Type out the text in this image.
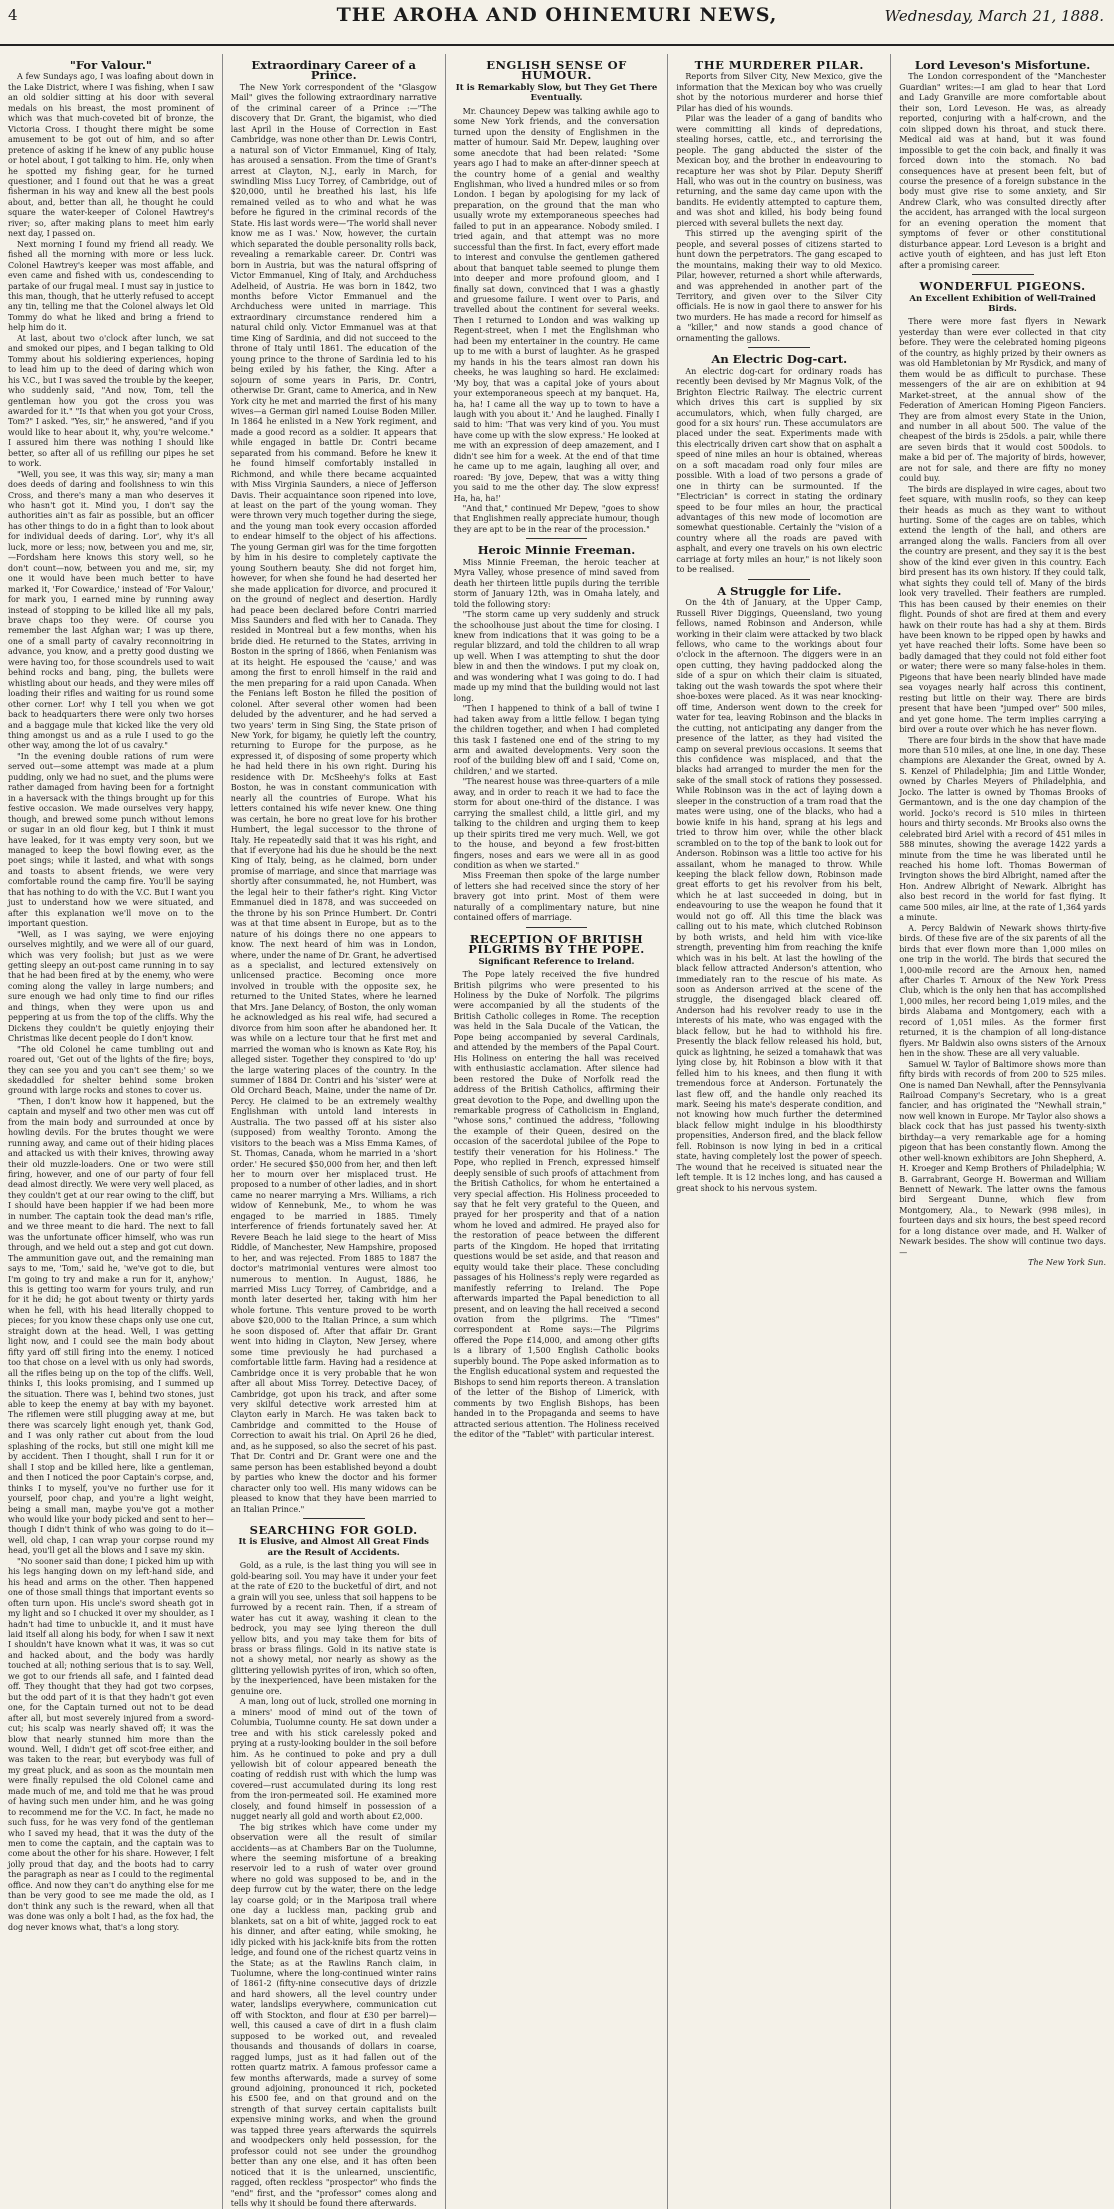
4	THE AROHA AND OHINEMURI NEWS,	Wednesday, March 21, 1888.
"For Valour."

A few Sundays ago, I was loafing about down in the Lake District, where I was fishing, when I saw an old soldier sitting at his door with several medals on his breast, the most prominent of which was that much-coveted bit of bronze, the Victoria Cross. I thought there might be some amusement to be got out of him, and so after pretence of asking if he knew of any public house or hotel about, I got talking to him. He, only when he spotted my fishing gear, for he turned questioner, and I found out that he was a great fisherman in his way and knew all the best pools about, and, better than all, he thought he could square the water-keeper of Colonel Hawtrey's river; so, after making plans to meet him early next day, I passed on.

Next morning I found my friend all ready. We fished all the morning with more or less luck. Colonel Hawtrey's keeper was most affable, and even came and fished with us, condescending to partake of our frugal meal. I must say in justice to this man, though, that he utterly refused to accept any tin, telling me that the Colonel always let Old Tommy do what he liked and bring a friend to help him do it.

At last, about two o'clock after lunch, we sat and smoked our pipes, and I began talking to Old Tommy about his soldiering experiences, hoping to lead him up to the deed of daring which won his V.C., but I was saved the trouble by the keeper, who suddenly said, "And now, Tom, tell the gentleman how you got the cross you was awarded for it." "Is that when you got your Cross, Tom?" I asked. "Yes, sir," he answered, "and if you would like to hear about it, why, you're welcome." I assured him there was nothing I should like better, so after all of us refilling our pipes he set to work.

"Well, you see, it was this way, sir; many a man does deeds of daring and foolishness to win this Cross, and there's many a man who deserves it who hasn't got it. Mind you, I don't say the authorities ain't as fair as possible, but an officer has other things to do in a fight than to look about for individual deeds of daring. Lor', why it's all luck, more or less; now, between you and me, sir,—Fordsham here knows this story well, so he don't count—now, between you and me, sir, my one it would have been much better to have marked it, 'For Cowardice,' instead of 'For Valour,' for mark you, I earned mine by running away instead of stopping to be killed like all my pals, brave chaps too they were. Of course you remember the last Afghan war; I was up there, one of a small party of cavalry reconnoitring in advance, you know, and a pretty good dusting we were having too, for those scoundrels used to wait behind rocks and bang, ping, the bullets were whistling about our heads, and they were miles off loading their rifles and waiting for us round some other corner. Lor! why I tell you when we got back to headquarters there were only two horses and a baggage mule that kicked like the very old thing amongst us and as a rule I used to go the other way, among the lot of us cavalry."

"In the evening double rations of rum were served out—some attempt was made at a plum pudding, only we had no suet, and the plums were rather damaged from having been for a fortnight in a haversack with the things brought up for this festive occasion. We made ourselves very happy, though, and brewed some punch without lemons or sugar in an old flour keg, but I think it must have leaked, for it was empty very soon, but we managed to keep the bowl flowing ever, as the poet sings; while it lasted, and what with songs and toasts to absent friends, we were very comfortable round the camp fire. You'll be saying that has nothing to do with the V.C. But I want you just to understand how we were situated, and after this explanation we'll move on to the important question.

"Well, as I was saying, we were enjoying ourselves mightily, and we were all of our guard, which was very foolish; but just as we were getting sleepy an out-post came running in to say that he had been fired at by the enemy, who were coming along the valley in large numbers; and sure enough we had only time to find our rifles and things, when they were upon us and peppering at us from the top of the cliffs. Why the Dickens they couldn't be quietly enjoying their Christmas like decent people do I don't know.

"The old Colonel he came tumbling out and roared out, 'Get out of the lights of the fire; boys, they can see you and you can't see them;' so we skedaddled for shelter behind some broken ground with large rocks and stones to cover us.

"Then, I don't know how it happened, but the captain and myself and two other men was cut off from the main body and surrounded at once by howling devils. For the brutes thought we were running away, and came out of their hiding places and attacked us with their knives, throwing away their old muzzle-loaders. One or two were still firing, however, and one of our party of four fell dead almost directly. We were very well placed, as they couldn't get at our rear owing to the cliff, but I should have been happier if we had been more in number. The captain took the dead man's rifle, and we three meant to die hard. The next to fall was the unfortunate officer himself, who was run through, and we held out a step and got cut down. The ammunition gave out, and the remaining man says to me, 'Tom,' said he, 'we've got to die, but I'm going to try and make a run for it, anyhow;' this is getting too warm for yours truly, and run for it he did; he got about twenty or thirty yards when he fell, with his head literally chopped to pieces; for you know these chaps only use one cut, straight down at the head. Well, I was getting light now, and I could see the main body about fifty yard off still firing into the enemy. I noticed too that chose on a level with us only had swords, all the rifles being up on the top of the cliffs. Well, thinks I, this looks promising, and I summed up the situation. There was I, behind two stones, just able to keep the enemy at bay with my bayonet. The riflemen were still plugging away at me, but there was scarcely light enough yet, thank God, and I was only rather cut about from the loud splashing of the rocks, but still one might kill me by accident. Then I thought, shall I run for it or shall I stop and be killed here, like a gentleman, and then I noticed the poor Captain's corpse, and, thinks I to myself, you've no further use for it yourself, poor chap, and you're a light weight, being a small man, maybe you've got a mother who would like your body picked and sent to her—though I didn't think of who was going to do it—well, old chap, I can wrap your corpse round my head, you'll get all the blows and I save my skin.

"No sooner said than done; I picked him up with his legs hanging down on my left-hand side, and his head and arms on the other. Then happened one of those small things that important events so often turn upon. His uncle's sword sheath got in my light and so I chucked it over my shoulder, as I hadn't had time to unbuckle it, and it must have laid itself all along his body, for when I saw it next I shouldn't have known what it was, it was so cut and hacked about, and the body was hardly touched at all; nothing serious that is to say. Well, we got to our friends all safe, and I fainted dead off. They thought that they had got two corpses, but the odd part of it is that they hadn't got even one, for the Captain turned out not to be dead after all, but most severely injured from a sword-cut; his scalp was nearly shaved off; it was the blow that nearly stunned him more than the wound. Well, I didn't get off scot-free either, and was taken to the rear, but everybody was full of my great pluck, and as soon as the mountain men were finally repulsed the old Colonel came and made much of me, and told me that he was proud of having such men under him, and he was going to recommend me for the V.C. In fact, he made no such fuss, for he was very fond of the gentleman who I saved my head, that it was the duty of the men to come the captain, and the captain was to come about the other for his share. However, I felt jolly proud that day, and the boots had to carry the paragraph as near as I could to the regimental office. And now they can't do anything else for me than be very good to see me made the old, as I don't think any such is the reward, when all that was done was only a bolt I had, as the fox had, the dog never knows what, that's a long story.

Extraordinary Career of a Prince.

The New York correspondent of the "Glasgow Mail" gives the following extraordinary narrative of the criminal career of a Prince :—"The discovery that Dr. Grant, the bigamist, who died last April in the House of Correction in East Cambridge, was none other than Dr. Lewis Contri, a natural son of Victor Emmanuel, King of Italy, has aroused a sensation. From the time of Grant's arrest at Clayton, N.J., early in March, for swindling Miss Lucy Torrey, of Cambridge, out of $20,000, until he breathed his last, his life remained veiled as to who and what he was before he figured in the criminal records of the State. His last words were—'The world shall never know me as I was.' Now, however, the curtain which separated the double personality rolls back, revealing a remarkable career. Dr. Contri was born in Austria, but was the natural offspring of Victor Emmanuel, King of Italy, and Archduchess Adelheid, of Austria. He was born in 1842, two months before Victor Emmanuel and the Archduchess were united in marriage. This extraordinary circumstance rendered him a natural child only. Victor Emmanuel was at that time King of Sardinia, and did not succeed to the throne of Italy until 1861. The education of the young prince to the throne of Sardinia led to his being exiled by his father, the King. After a sojourn of some years in Paris, Dr. Contri, otherwise Dr. Grant, came to America, and in New York city he met and married the first of his many wives—a German girl named Louise Boden Miller. In 1864 he enlisted in a New York regiment, and made a good record as a soldier. It appears that while engaged in battle Dr. Contri became separated from his command. Before he knew it he found himself comfortably installed in Richmond, and while there became acquainted with Miss Virginia Saunders, a niece of Jefferson Davis. Their acquaintance soon ripened into love, at least on the part of the young woman. They were thrown very much together during the siege, and the young man took every occasion afforded to endear himself to the object of his affections. The young German girl was for the time forgotten by him in his desire to completely captivate the young Southern beauty. She did not forget him, however, for when she found he had deserted her she made application for divorce, and procured it on the ground of neglect and desertion. Hardly had peace been declared before Contri married Miss Saunders and fled with her to Canada. They resided in Montreal but a few months, when his bride died. He returned to the States, arriving in Boston in the spring of 1866, when Fenianism was at its height. He espoused the 'cause,' and was among the first to enroll himself in the raid and the men preparing for a raid upon Canada. When the Fenians left Boston he filled the position of colonel. After several other women had been deluded by the adventurer, and he had served a two years' term in Sing Sing, the State prison of New York, for bigamy, he quietly left the country, returning to Europe for the purpose, as he expressed it, of disposing of some property which he had held there in his own right. During his residence with Dr. McSheehy's folks at East Boston, he was in constant communication with nearly all the countries of Europe. What his letters contained his wife never knew. One thing was certain, he bore no great love for his brother Humbert, the legal successor to the throne of Italy. He repeatedly said that it was his right, and that if everyone had his due he should be the next King of Italy, being, as he claimed, born under promise of marriage, and since that marriage was shortly after consummated, he, not Humbert, was the legal heir to their father's right. King Victor Emmanuel died in 1878, and was succeeded on the throne by his son Prince Humbert. Dr. Contri was at that time absent in Europe, but as to the nature of his doings there no one appears to know. The next heard of him was in London, where, under the name of Dr. Grant, he advertised as a specialist, and lectured extensively on unlicensed practice. Becoming once more involved in trouble with the opposite sex, he returned to the United States, where he learned that Mrs. Jane Delancy, of Boston, the only woman he acknowledged as his real wife, had secured a divorce from him soon after he abandoned her. It was while on a lecture tour that he first met and married the woman who is known as Kate Roy, his alleged sister. Together they conspired to 'do up' the large watering places of the country. In the summer of 1884 Dr. Contri and his 'sister' were at Old Orchard Beach, Maine, under the name of Dr. Percy. He claimed to be an extremely wealthy Englishman with untold land interests in Australia. The two passed off at his sister also (supposed) from wealthy Toronto. Among the visitors to the beach was a Miss Emma Kames, of St. Thomas, Canada, whom he married in a 'short order.' He secured $50,000 from her, and then left her to mourn over her misplaced trust. He proposed to a number of other ladies, and in short came no nearer marrying a Mrs. Williams, a rich widow of Kennebunk, Me., to whom he was engaged to be married in 1885. Timely interference of friends fortunately saved her. At Revere Beach he laid siege to the heart of Miss Riddle, of Manchester, New Hampshire, proposed to her, and was rejected. From 1885 to 1887 the doctor's matrimonial ventures were almost too numerous to mention. In August, 1886, he married Miss Lucy Torrey, of Cambridge, and a month later deserted her, taking with him her whole fortune. This venture proved to be worth above $20,000 to the Italian Prince, a sum which he soon disposed of. After that affair Dr. Grant went into hiding in Clayton, New Jersey, where some time previously he had purchased a comfortable little farm. Having had a residence at Cambridge once it is very probable that he won after all about Miss Torrey. Detective Dacey, of Cambridge, got upon his track, and after some very skilful detective work arrested him at Clayton early in March. He was taken back to Cambridge and committed to the House of Correction to await his trial. On April 26 he died, and, as he supposed, so also the secret of his past. That Dr. Contri and Dr. Grant were one and the same person has been established beyond a doubt by parties who knew the doctor and his former character only too well. His many widows can be pleased to know that they have been married to an Italian Prince."

SEARCHING FOR GOLD.
It is Elusive, and Almost All Great Finds are the Result of Accidents.

Gold, as a rule, is the last thing you will see in gold-bearing soil. You may have it under your feet at the rate of £20 to the bucketful of dirt, and not a grain will you see, unless that soil happens to be furrowed by a recent rain. Then, if a stream of water has cut it away, washing it clean to the bedrock, you may see lying thereon the dull yellow bits, and you may take them for bits of brass or brass filings. Gold in its native state is not a showy metal, nor nearly as showy as the glittering yellowish pyrites of iron, which so often, by the inexperienced, have been mistaken for the genuine ore.

A man, long out of luck, strolled one morning in a miners' mood of mind out of the town of Columbia, Tuolumne county. He sat down under a tree and with his stick carelessly poked and prying at a rusty-looking boulder in the soil before him. As he continued to poke and pry a dull yellowish bit of colour appeared beneath the coating of reddish rust with which the lump was covered—rust accumulated during its long rest from the iron-permeated soil. He examined more closely, and found himself in possession of a nugget nearly all gold and worth about £2,000.

The big strikes which have come under my observation were all the result of similar accidents—as at Chambers Bar on the Tuolumne, where the seeming misfortune of a breaking reservoir led to a rush of water over ground where no gold was supposed to be, and in the deep furrow cut by the water, there on the ledge lay coarse gold; or in the Mariposa trail where one day a luckless man, packing grub and blankets, sat on a bit of white, jagged rock to eat his dinner, and after eating, while smoking, he idly picked with his jack-knife bits from the rotten ledge, and found one of the richest quartz veins in the State; as at the Rawlins Ranch claim, in Tuolumne, where the long-continued winter rains of 1861-2 (fifty-nine consecutive days of drizzle and hard showers, all the level country under water, landslips everywhere, communication cut off with Stockton, and flour at £30 per barrel)—well, this caused a cave of dirt in a flush claim supposed to be worked out, and revealed thousands and thousands of dollars in coarse, ragged lumps, just as it had fallen out of the rotten quartz matrix. A famous professor came a few months afterwards, made a survey of some ground adjoining, pronounced it rich, pocketed his £500 fee, and on that ground and on the strength of that survey certain capitalists built expensive mining works, and when the ground was tapped three years afterwards the squirrels and woodpeckers only held possession, for the professor could not see under the groundhog better than any one else, and it has often been noticed that it is the unlearned, unscientific, ragged, often reckless "prospector" who finds the "end" first, and the "professor" comes along and tells why it should be found there afterwards.

ENGLISH SENSE OF HUMOUR.
It is Remarkably Slow, but They Get There Eventually.

Mr. Chauncey Depew was talking awhile ago to some New York friends, and the conversation turned upon the density of Englishmen in the matter of humour. Said Mr. Depew, laughing over some anecdote that had been related: "Some years ago I had to make an after-dinner speech at the country home of a genial and wealthy Englishman, who lived a hundred miles or so from London. I began by apologising for my lack of preparation, on the ground that the man who usually wrote my extemporaneous speeches had failed to put in an appearance. Nobody smiled. I tried again, and that attempt was no more successful than the first. In fact, every effort made to interest and convulse the gentlemen gathered about that banquet table seemed to plunge them into deeper and more profound gloom, and I finally sat down, convinced that I was a ghastly and gruesome failure. I went over to Paris, and travelled about the continent for several weeks. Then I returned to London and was walking up Regent-street, when I met the Englishman who had been my entertainer in the country. He came up to me with a burst of laughter. As he grasped my hands in his the tears almost ran down his cheeks, he was laughing so hard. He exclaimed: 'My boy, that was a capital joke of yours about your extemporaneous speech at my banquet. Ha, ha, ha! I came all the way up to town to have a laugh with you about it.' And he laughed. Finally I said to him: 'That was very kind of you. You must have come up with the slow express.' He looked at me with an expression of deep amazement, and I didn't see him for a week. At the end of that time he came up to me again, laughing all over, and roared: 'By jove, Depew, that was a witty thing you said to me the other day. The slow express! Ha, ha, ha!'

"And that," continued Mr Depew, "goes to show that Englishmen really appreciate humour, though they are apt to be in the rear of the procession."

Heroic Minnie Freeman.

Miss Minnie Freeman, the heroic teacher at Myra Valley, whose presence of mind saved from death her thirteen little pupils during the terrible storm of January 12th, was in Omaha lately, and told the following story:

"The storm came up very suddenly and struck the schoolhouse just about the time for closing. I knew from indications that it was going to be a regular blizzard, and told the children to all wrap up well. When I was attempting to shut the door blew in and then the windows. I put my cloak on, and was wondering what I was going to do. I had made up my mind that the building would not last long.

"Then I happened to think of a ball of twine I had taken away from a little fellow. I began tying the children together, and when I had completed this task I fastened one end of the string to my arm and awaited developments. Very soon the roof of the building blew off and I said, 'Come on, children,' and we started.

"The nearest house was three-quarters of a mile away, and in order to reach it we had to face the storm for about one-third of the distance. I was carrying the smallest child, a little girl, and my talking to the children and urging them to keep up their spirits tired me very much. Well, we got to the house, and beyond a few frost-bitten fingers, noses and ears we were all in as good condition as when we started."

Miss Freeman then spoke of the large number of letters she had received since the story of her bravery got into print. Most of them were naturally of a complimentary nature, but nine contained offers of marriage.

RECEPTION OF BRITISH PILGRIMS BY THE POPE.
Significant Reference to Ireland.

The Pope lately received the five hundred British pilgrims who were presented to his Holiness by the Duke of Norfolk. The pilgrims were accompanied by all the students of the British Catholic colleges in Rome. The reception was held in the Sala Ducale of the Vatican, the Pope being accompanied by several Cardinals, and attended by the members of the Papal Court. His Holiness on entering the hall was received with enthusiastic acclamation. After silence had been restored the Duke of Norfolk read the address of the British Catholics, affirming their great devotion to the Pope, and dwelling upon the remarkable progress of Catholicism in England, "whose sons," continued the address, "following the example of their Queen, desired on the occasion of the sacerdotal jubilee of the Pope to testify their veneration for his Holiness." The Pope, who replied in French, expressed himself deeply sensible of such proofs of attachment from the British Catholics, for whom he entertained a very special affection. His Holiness proceeded to say that he felt very grateful to the Queen, and prayed for her prosperity and that of a nation whom he loved and admired. He prayed also for the restoration of peace between the different parts of the Kingdom. He hoped that irritating questions would be set aside, and that reason and equity would take their place. These concluding passages of his Holiness's reply were regarded as manifestly referring to Ireland. The Pope afterwards imparted the Papal benediction to all present, and on leaving the hall received a second ovation from the pilgrims. The "Times" correspondent at Rome says:—The Pilgrims offered the Pope £14,000, and among other gifts is a library of 1,500 English Catholic books superbly bound. The Pope asked information as to the English educational system and requested the Bishops to send him reports thereon. A translation of the letter of the Bishop of Limerick, with comments by two English Bishops, has been handed in to the Propaganda and seems to have attracted serious attention. The Holiness received the editor of the "Tablet" with particular interest.

THE MURDERER PILAR.

Reports from Silver City, New Mexico, give the information that the Mexican boy who was cruelly shot by the notorious murderer and horse thief Pilar has died of his wounds.

Pilar was the leader of a gang of bandits who were committing all kinds of depredations, stealing horses, cattle, etc., and terrorising the people. The gang abducted the sister of the Mexican boy, and the brother in endeavouring to recapture her was shot by Pilar. Deputy Sheriff Hall, who was out in the country on business, was returning, and the same day came upon with the bandits. He evidently attempted to capture them, and was shot and killed, his body being found pierced with several bullets the next day.

This stirred up the avenging spirit of the people, and several posses of citizens started to hunt down the perpetrators. The gang escaped to the mountains, making their way to old Mexico. Pilar, however, returned a short while afterwards, and was apprehended in another part of the Territory, and given over to the Silver City officials. He is now in gaol there to answer for his two murders. He has made a record for himself as a "killer," and now stands a good chance of ornamenting the gallows.

An Electric Dog-cart.

An electric dog-cart for ordinary roads has recently been devised by Mr Magnus Volk, of the Brighton Electric Railway. The electric current which drives this cart is supplied by six accumulators, which, when fully charged, are good for a six hours' run. These accumulators are placed under the seat. Experiments made with this electrically driven cart show that on asphalt a speed of nine miles an hour is obtained, whereas on a soft macadam road only four miles are possible. With a load of two persons a grade of one in thirty can be surmounted. If the "Electrician" is correct in stating the ordinary speed to be four miles an hour, the practical advantages of this new mode of locomotion are somewhat questionable. Certainly the "vision of a country where all the roads are paved with asphalt, and every one travels on his own electric carriage at forty miles an hour," is not likely soon to be realised.

A Struggle for Life.

On the 4th of January, at the Upper Camp, Russell River Diggings, Queensland, two young fellows, named Robinson and Anderson, while working in their claim were attacked by two black fellows, who came to the workings about four o'clock in the afternoon. The diggers were in an open cutting, they having paddocked along the side of a spur on which their claim is situated, taking out the wash towards the spot where their shoe-boxes were placed. As it was near knocking-off time, Anderson went down to the creek for water for tea, leaving Robinson and the blacks in the cutting, not anticipating any danger from the presence of the latter, as they had visited the camp on several previous occasions. It seems that this confidence was misplaced, and that the blacks had arranged to murder the men for the sake of the small stock of rations they possessed. While Robinson was in the act of laying down a sleeper in the construction of a tram road that the mates were using, one of the blacks, who had a bowie knife in his hand, sprang at his legs and tried to throw him over, while the other black scrambled on to the top of the bank to look out for Anderson. Robinson was a little too active for his assailant, whom he managed to throw. While keeping the black fellow down, Robinson made great efforts to get his revolver from his belt, which he at last succeeded in doing, but in endeavouring to use the weapon he found that it would not go off. All this time the black was calling out to his mate, which clutched Robinson by both wrists, and held him with vice-like strength, preventing him from reaching the knife which was in his belt. At last the howling of the black fellow attracted Anderson's attention, who immediately ran to the rescue of his mate. As soon as Anderson arrived at the scene of the struggle, the disengaged black cleared off. Anderson had his revolver ready to use in the interests of his mate, who was engaged with the black fellow, but he had to withhold his fire. Presently the black fellow released his hold, but, quick as lightning, he seized a tomahawk that was lying close by, hit Robinson a blow with it that felled him to his knees, and then flung it with tremendous force at Anderson. Fortunately the last flew off, and the handle only reached its mark. Seeing his mate's desperate condition, and not knowing how much further the determined black fellow might indulge in his bloodthirsty propensities, Anderson fired, and the black fellow fell. Robinson is now lying in bed in a critical state, having completely lost the power of speech. The wound that he received is situated near the left temple. It is 12 inches long, and has caused a great shock to his nervous system.

Lord Leveson's Misfortune.

The London correspondent of the "Manchester Guardian" writes:—I am glad to hear that Lord and Lady Granville are more comfortable about their son, Lord Leveson. He was, as already reported, conjuring with a half-crown, and the coin slipped down his throat, and stuck there. Medical aid was at hand, but it was found impossible to get the coin back, and finally it was forced down into the stomach. No bad consequences have at present been felt, but of course the presence of a foreign substance in the body must give rise to some anxiety, and Sir Andrew Clark, who was consulted directly after the accident, has arranged with the local surgeon for an evening operation the moment that symptoms of fever or other constitutional disturbance appear. Lord Leveson is a bright and active youth of eighteen, and has just left Eton after a promising career.

WONDERFUL PIGEONS.
An Excellent Exhibition of Well-Trained Birds.

There were more fast flyers in Newark yesterday than were ever collected in that city before. They were the celebrated homing pigeons of the country, as highly prized by their owners as was old Hambletonian by Mr Rysdick, and many of them would be as difficult to purchase. These messengers of the air are on exhibition at 94 Market-street, at the annual show of the Federation of American Homing Pigeon Fanciers. They are from almost every State in the Union, and number in all about 500. The value of the cheapest of the birds is 25dols. a pair, while there are seven birds that it would cost 500dols. to make a bid per of. The majority of birds, however, are not for sale, and there are fifty no money could buy.

The birds are displayed in wire cages, about two feet square, with muslin roofs, so they can keep their heads as much as they want to without hurting. Some of the cages are on tables, which extend the length of the hall, and others are arranged along the walls. Fanciers from all over the country are present, and they say it is the best show of the kind ever given in this country. Each bird present has its own history. If they could talk, what sights they could tell of. Many of the birds look very travelled. Their feathers are rumpled. This has been caused by their enemies on their flight. Pounds of shot are fired at them and every hawk on their route has had a shy at them. Birds have been known to be ripped open by hawks and yet have reached their lofts. Some have been so badly damaged that they could not fold either foot or water; there were so many false-holes in them. Pigeons that have been nearly blinded have made sea voyages nearly half across this continent, resting but little on their way. There are birds present that have been "jumped over" 500 miles, and yet gone home. The term implies carrying a bird over a route over which he has never flown.

There are four birds in the show that have made more than 510 miles, at one line, in one day. These champions are Alexander the Great, owned by A. S. Kenzel of Philadelphia; Jim and Little Wonder, owned by Charles Meyers of Philadelphia, and Jocko. The latter is owned by Thomas Brooks of Germantown, and is the one day champion of the world. Jocko's record is 510 miles in thirteen hours and thirty seconds. Mr Brooks also owns the celebrated bird Ariel with a record of 451 miles in 588 minutes, showing the average 1422 yards a minute from the time he was liberated until he reached his home loft. Thomas Bowerman of Irvington shows the bird Albright, named after the Hon. Andrew Albright of Newark. Albright has also best record in the world for fast flying. It came 500 miles, air line, at the rate of 1,364 yards a minute.

A. Percy Baldwin of Newark shows thirty-five birds. Of these five are of the six parents of all the birds that ever flown more than 1,000 miles on one trip in the world. The birds that secured the 1,000-mile record are the Arnoux hen, named after Charles T. Arnoux of the New York Press Club, which is the only hen that has accomplished 1,000 miles, her record being 1,019 miles, and the birds Alabama and Montgomery, each with a record of 1,051 miles. As the former first returned, it is the champion of all long-distance flyers. Mr Baldwin also owns sisters of the Arnoux hen in the show. These are all very valuable.

Samuel W. Taylor of Baltimore shows more than fifty birds with records of from 200 to 525 miles. One is named Dan Newhall, after the Pennsylvania Railroad Company's Secretary, who is a great fancier, and has originated the "Newhall strain," now well known in Europe. Mr Taylor also shows a black cock that has just passed his twenty-sixth birthday—a very remarkable age for a homing pigeon that has been constantly flown. Among the other well-known exhibitors are John Shepherd, A. H. Kroeger and Kemp Brothers of Philadelphia; W. B. Garrabrant, George H. Bowerman and William Bennett of Newark. The latter owns the famous bird Sergeant Dunne, which flew from Montgomery, Ala., to Newark (998 miles), in fourteen days and six hours, the best speed record for a long distance over made, and H. Walker of Newark besides. The show will continue two days.—

The New York Sun.
